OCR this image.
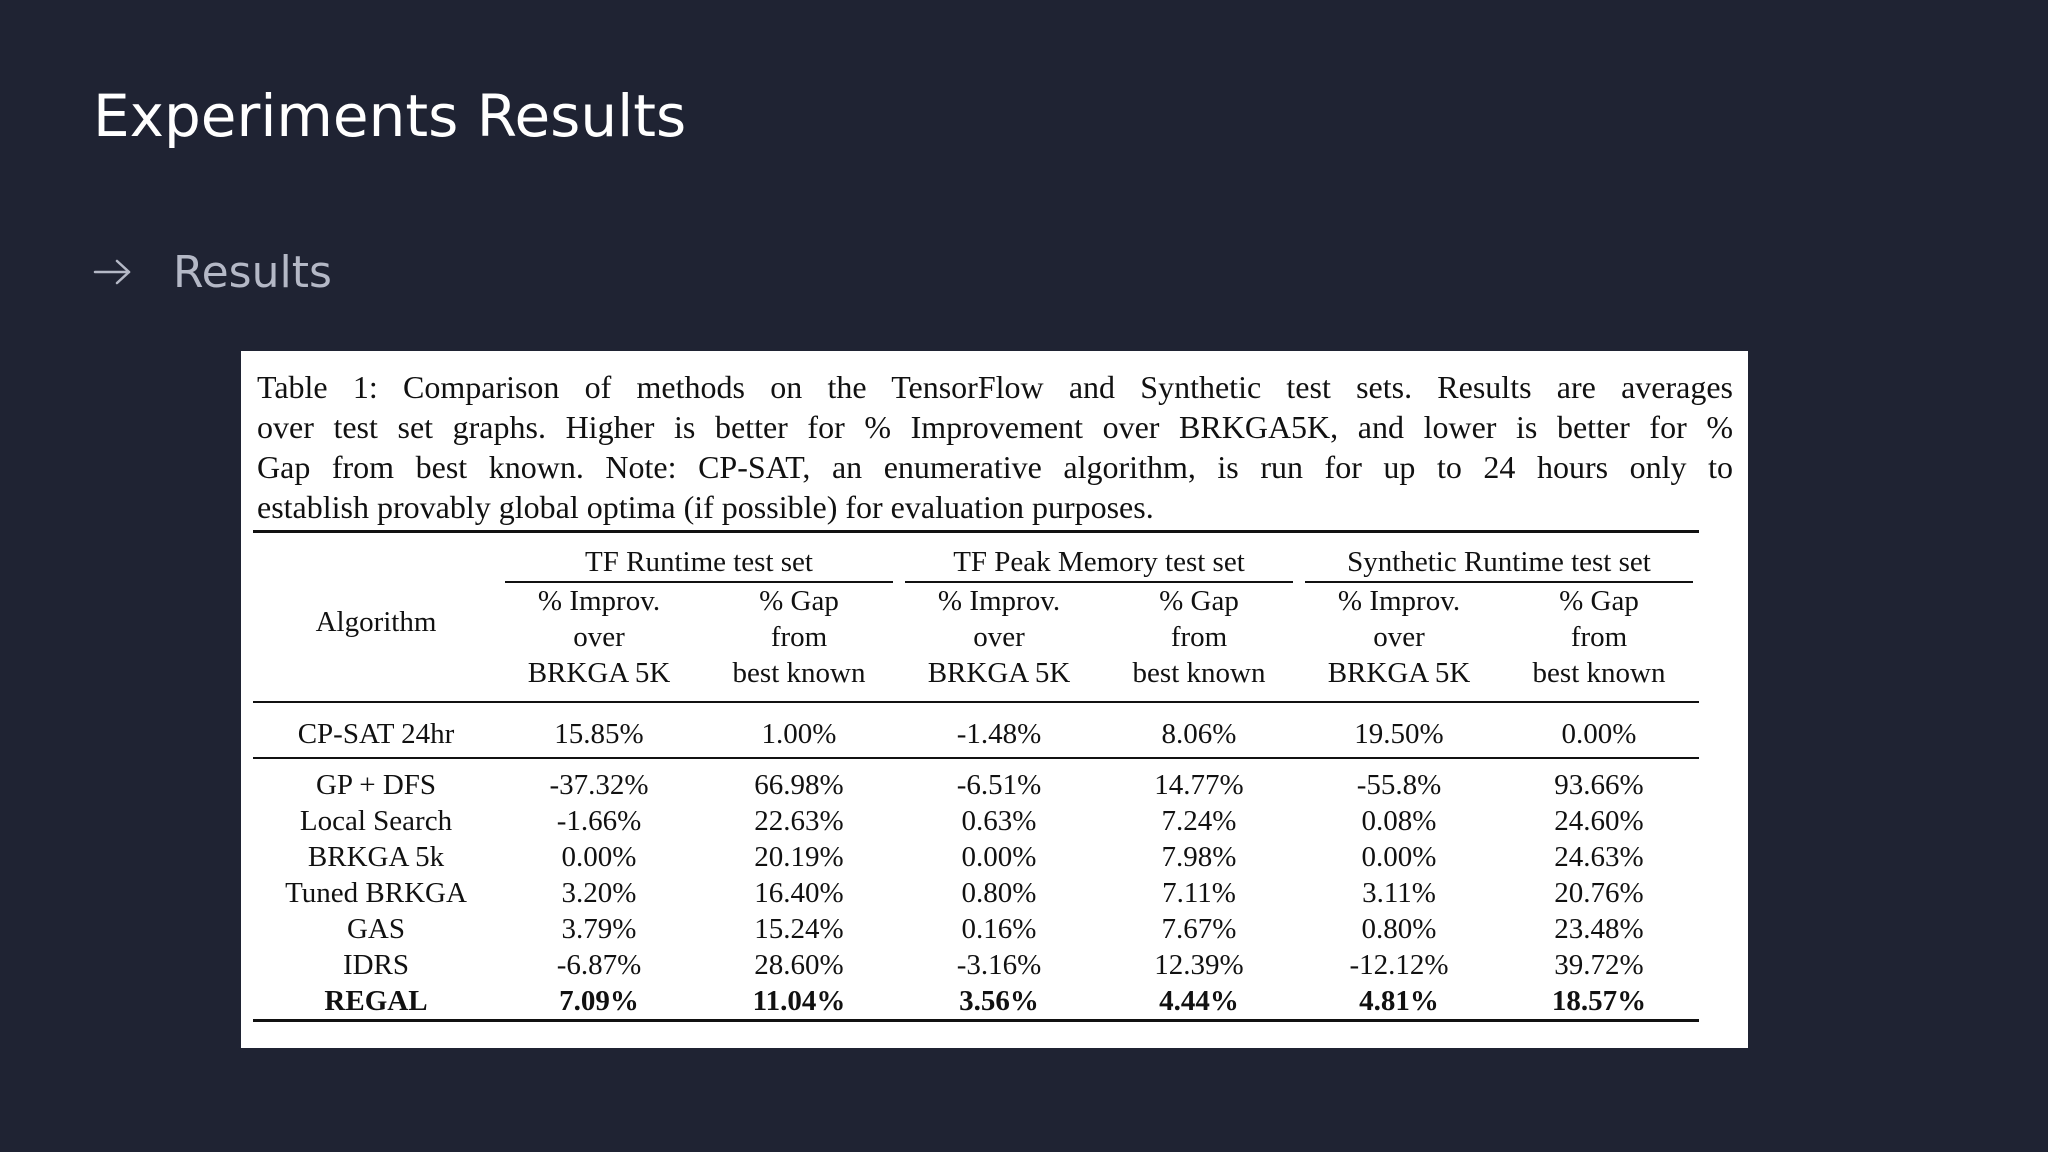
Experiments Results
Results
Table 1: Comparison of methods on the TensorFlow and Synthetic test sets. Results are averages
over test set graphs. Higher is better for % Improvement over BRKGA5K, and lower is better for %
Gap from best known. Note: CP-SAT, an enumerative algorithm, is run for up to 24 hours only to
establish provably global optima (if possible) for evaluation purposes.

Algorithm	TF Runtime test set		TF Peak Memory test set		Synthetic Runtime test set	

	% Improv.	% Gap	% Improv.	% Gap	% Improv.	% Gap
	over	from	over	from	over	from
	BRKGA 5K	best known	BRKGA 5K	best known	BRKGA 5K	best known

CP-SAT 24hr	15.85%	1.00%	-1.48%	8.06%	19.50%	0.00%

GP + DFS	-37.32%	66.98%	-6.51%	14.77%	-55.8%	93.66%
Local Search	-1.66%	22.63%	0.63%	7.24%	0.08%	24.60%
BRKGA 5k	0.00%	20.19%	0.00%	7.98%	0.00%	24.63%
Tuned BRKGA	3.20%	16.40%	0.80%	7.11%	3.11%	20.76%
GAS	3.79%	15.24%	0.16%	7.67%	0.80%	23.48%
IDRS	-6.87%	28.60%	-3.16%	12.39%	-12.12%	39.72%
REGAL	7.09%	11.04%	3.56%	4.44%	4.81%	18.57%
